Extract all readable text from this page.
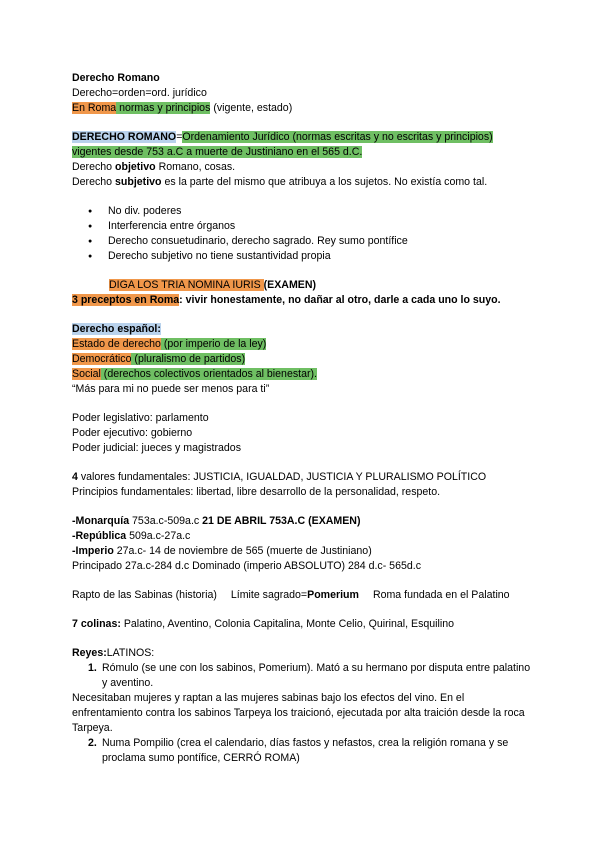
Derecho Romano
Derecho=orden=ord. jurídico
En Roma normas y principios (vigente, estado)
DERECHO ROMANO=Ordenamiento Jurídico (normas escritas y no escritas y principios)
vigentes desde 753 a.C a muerte de Justiniano en el 565 d.C.
Derecho objetivo Romano, cosas.
Derecho subjetivo es la parte del mismo que atribuya a los sujetos. No existía como tal.
● No div. poderes
● Interferencia entre órganos
● Derecho consuetudinario, derecho sagrado. Rey sumo pontífice
● Derecho subjetivo no tiene sustantividad propia
DIGA LOS TRIA NOMINA IURIS (EXAMEN)
3 preceptos en Roma: vivir honestamente, no dañar al otro, darle a cada uno lo suyo.
Derecho español:
Estado de derecho (por imperio de la ley)
Democrático (pluralismo de partidos)
Social (derechos colectivos orientados al bienestar).
“Más para mi no puede ser menos para ti”
Poder legislativo: parlamento
Poder ejecutivo: gobierno
Poder judicial: jueces y magistrados
4 valores fundamentales: JUSTICIA, IGUALDAD, JUSTICIA Y PLURALISMO POLÍTICO
Principios fundamentales: libertad, libre desarrollo de la personalidad, respeto.
-Monarquía 753a.c-509a.c 21 DE ABRIL 753A.C (EXAMEN)
-República 509a.c-27a.c
-Imperio 27a.c- 14 de noviembre de 565 (muerte de Justiniano)
Principado 27a.c-284 d.c Dominado (imperio ABSOLUTO) 284 d.c- 565d.c
Rapto de las Sabinas (historia) Límite sagrado=Pomerium Roma fundada en el Palatino
7 colinas: Palatino, Aventino, Colonia Capitalina, Monte Celio, Quirinal, Esquilino
Reyes:LATINOS:
1. Rómulo (se une con los sabinos, Pomerium). Mató a su hermano por disputa entre palatino y aventino.
Necesitaban mujeres y raptan a las mujeres sabinas bajo los efectos del vino. En el enfrentamiento contra los sabinos Tarpeya los traicionó, ejecutada por alta traición desde la roca Tarpeya.
2. Numa Pompilio (crea el calendario, días fastos y nefastos, crea la religión romana y se proclama sumo pontífice, CERRÓ ROMA)
